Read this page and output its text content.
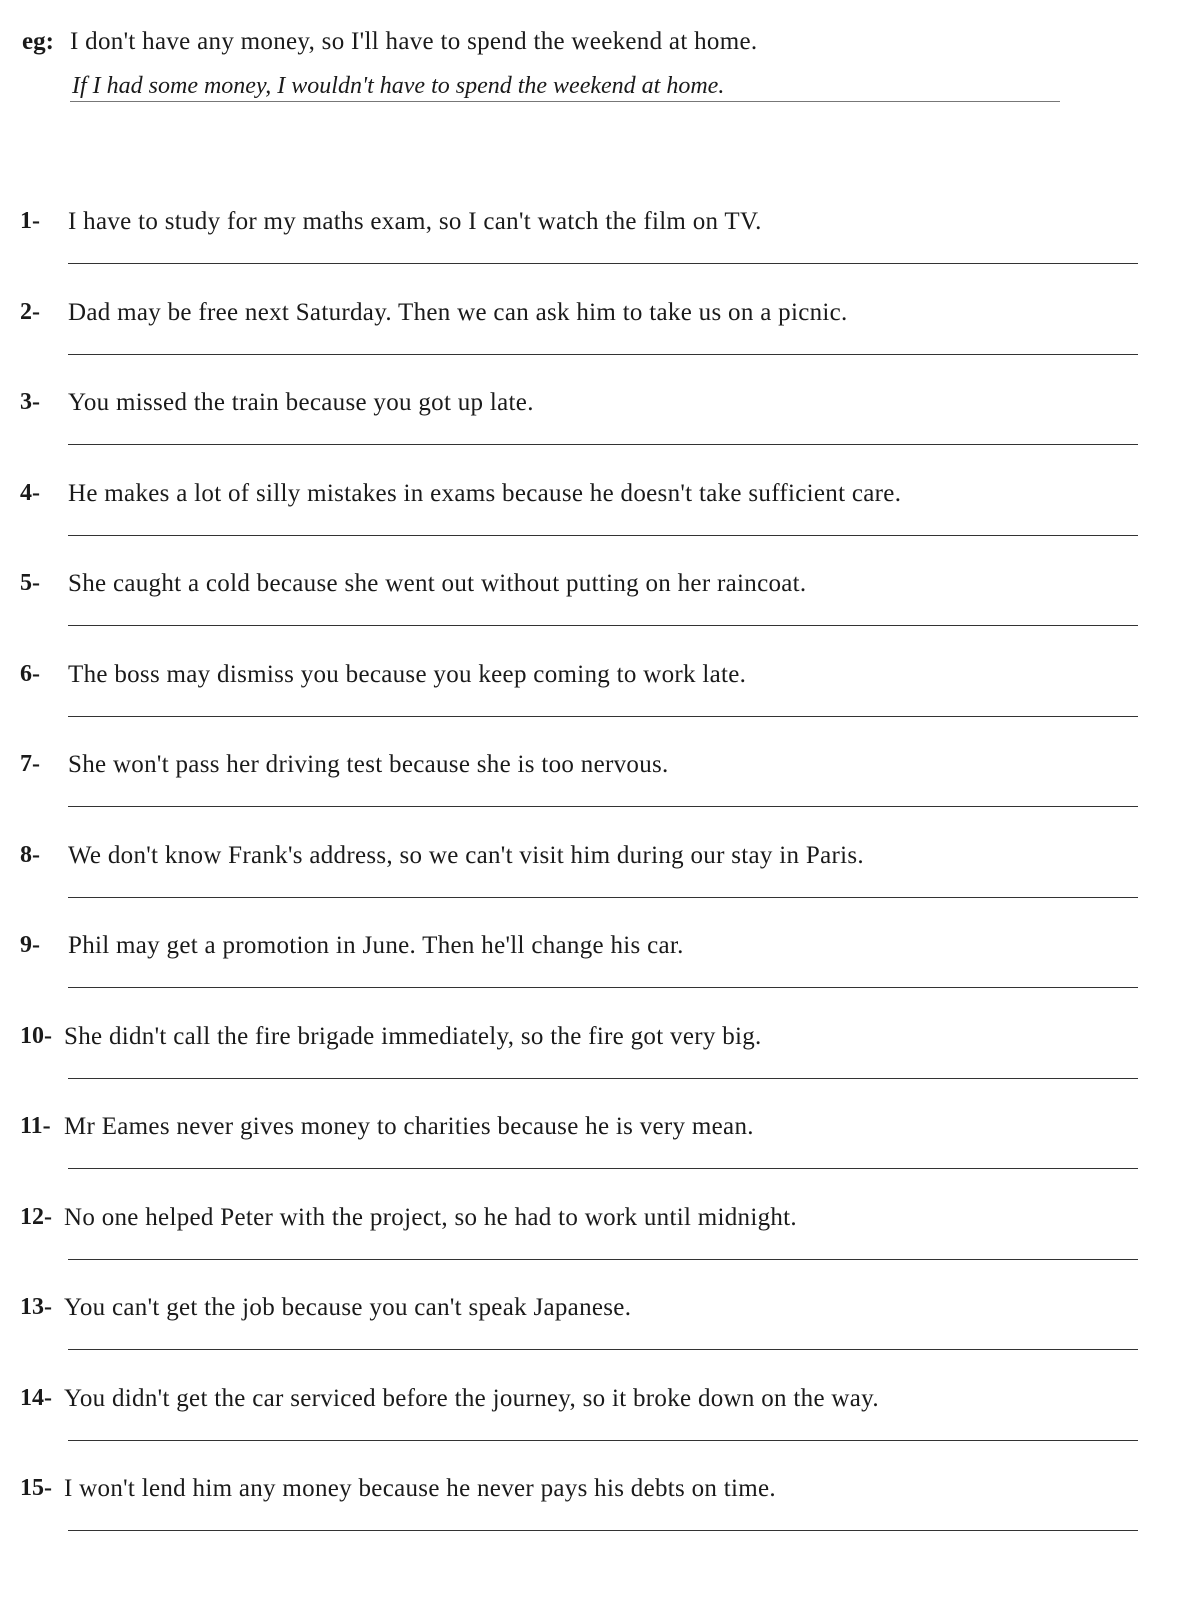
eg: I don't have any money, so I'll have to spend the weekend at home.
If I had some money, I wouldn't have to spend the weekend at home.
1- I have to study for my maths exam, so I can't watch the film on TV.
2- Dad may be free next Saturday. Then we can ask him to take us on a picnic.
3- You missed the train because you got up late.
4- He makes a lot of silly mistakes in exams because he doesn't take sufficient care.
5- She caught a cold because she went out without putting on her raincoat.
6- The boss may dismiss you because you keep coming to work late.
7- She won't pass her driving test because she is too nervous.
8- We don't know Frank's address, so we can't visit him during our stay in Paris.
9- Phil may get a promotion in June. Then he'll change his car.
10- She didn't call the fire brigade immediately, so the fire got very big.
11- Mr Eames never gives money to charities because he is very mean.
12- No one helped Peter with the project, so he had to work until midnight.
13- You can't get the job because you can't speak Japanese.
14- You didn't get the car serviced before the journey, so it broke down on the way.
15- I won't lend him any money because he never pays his debts on time.
